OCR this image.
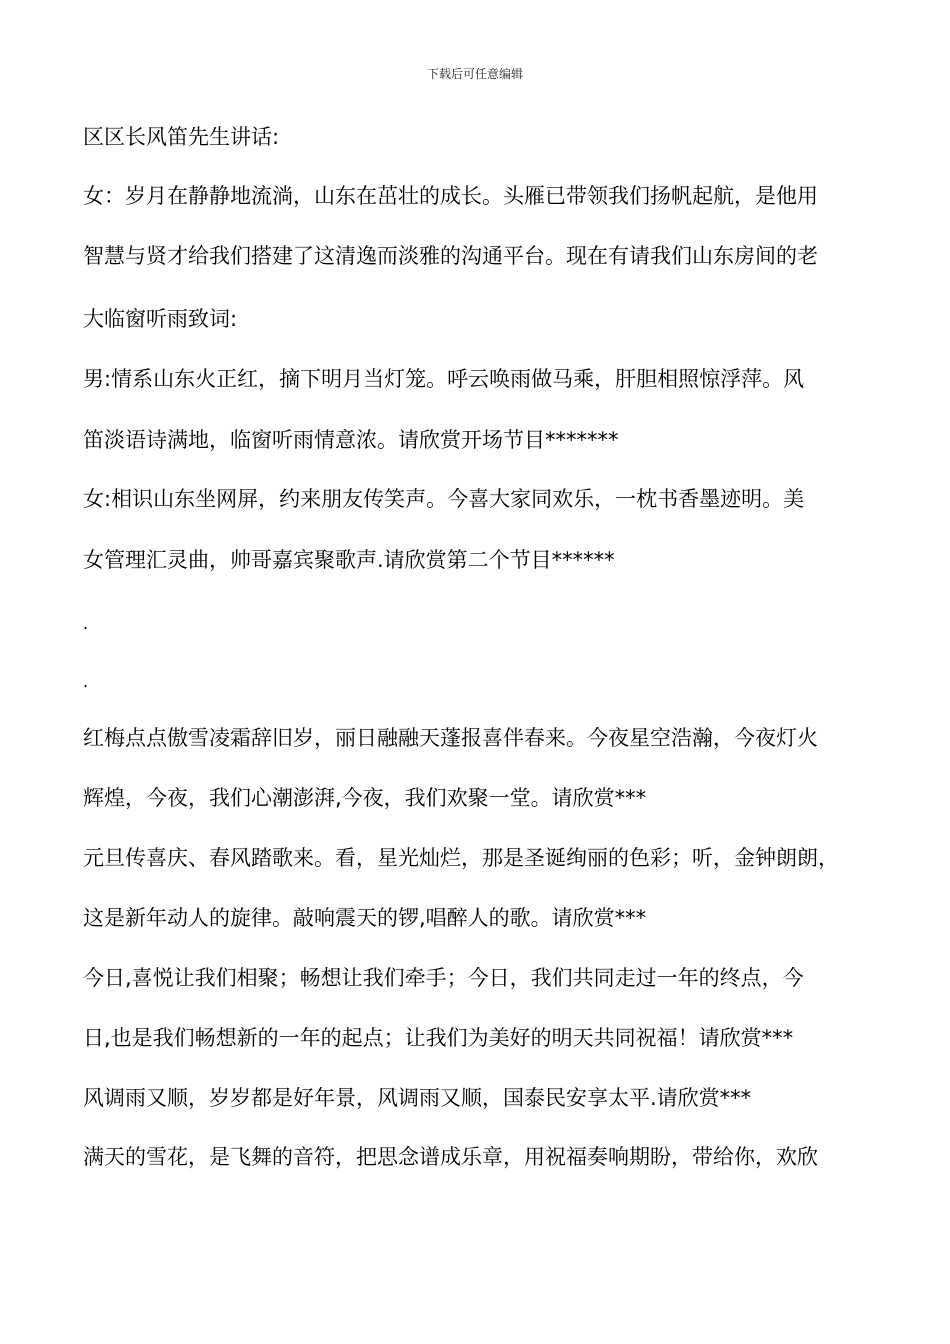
下载后可任意编辑
区区长风笛先生讲话:
女：岁月在静静地流淌，山东在茁壮的成长。头雁已带领我们扬帆起航，是他用
智慧与贤才给我们搭建了这清逸而淡雅的沟通平台。现在有请我们山东房间的老
大临窗听雨致词:
男:情系山东火正红，摘下明月当灯笼。呼云唤雨做马乘，肝胆相照惊浮萍。风
笛淡语诗满地，临窗听雨情意浓。请欣赏开场节目*******
女:相识山东坐网屏，约来朋友传笑声。今喜大家同欢乐，一枕书香墨迹明。美
女管理汇灵曲，帅哥嘉宾聚歌声.请欣赏第二个节目******
.
.
红梅点点傲雪凌霜辞旧岁，丽日融融天蓬报喜伴春来。今夜星空浩瀚，今夜灯火
辉煌，今夜，我们心潮澎湃,今夜，我们欢聚一堂。请欣赏***
元旦传喜庆、春风踏歌来。看，星光灿烂，那是圣诞绚丽的色彩；听，金钟朗朗，
这是新年动人的旋律。敲响震天的锣,唱醉人的歌。请欣赏***
今日,喜悦让我们相聚；畅想让我们牵手；今日，我们共同走过一年的终点，今
日,也是我们畅想新的一年的起点；让我们为美好的明天共同祝福！请欣赏***
风调雨又顺，岁岁都是好年景，风调雨又顺，国泰民安享太平.请欣赏***
满天的雪花，是飞舞的音符，把思念谱成乐章，用祝福奏响期盼，带给你，欢欣
